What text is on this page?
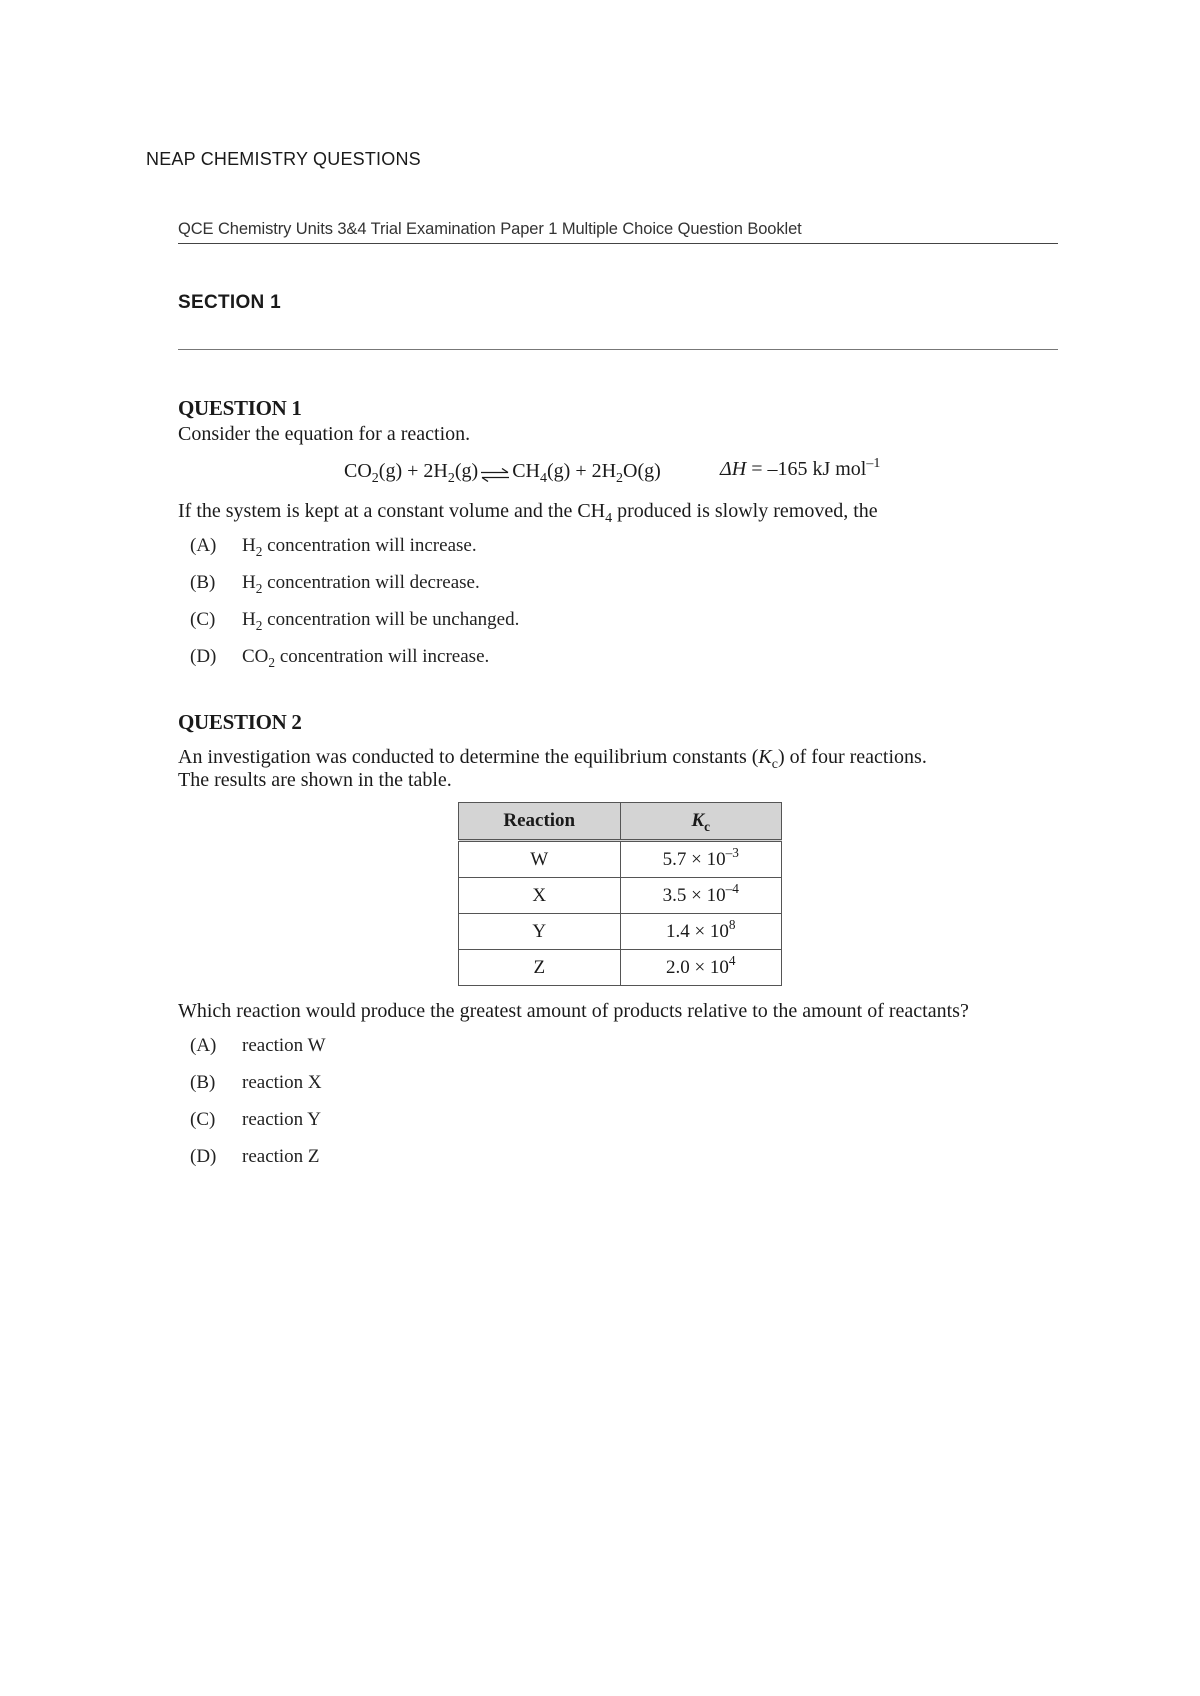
NEAP CHEMISTRY QUESTIONS
QCE Chemistry Units 3&4 Trial Examination Paper 1 Multiple Choice Question Booklet
SECTION 1
QUESTION 1
Consider the equation for a reaction.
$CO_2(g) + 2H_2(g)$ ⇌ $CH_4(g) + 2H_2O(g)$	ΔH = –165 kJ mol$^{-1}$
If the system is kept at a constant volume and the $CH_4$ produced is slowly removed, the
(A) $H_2$ concentration will increase.
(B) $H_2$ concentration will decrease.
(C) $H_2$ concentration will be unchanged.
(D) $CO_2$ concentration will increase.
QUESTION 2
An investigation was conducted to determine the equilibrium constants $(K_c)$ of four reactions.
The results are shown in the table.
Reaction	$K_c$
W	$5.7 \times 10^{-3}$
X	$3.5 \times 10^{-4}$
Y	$1.4 \times 10^8$
Z	$2.0 \times 10^4$
Which reaction would produce the greatest amount of products relative to the amount of reactants?
(A) reaction W
(B) reaction X
(C) reaction Y
(D) reaction Z
